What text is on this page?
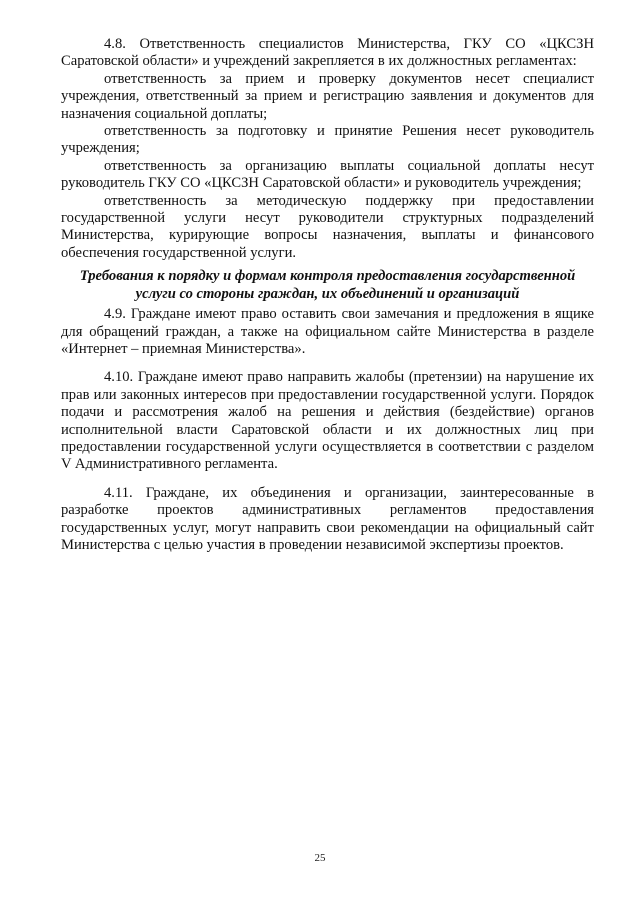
4.8. Ответственность специалистов Министерства, ГКУ СО «ЦКСЗН Саратовской области» и учреждений закрепляется в их должностных регламентах:

ответственность за прием и проверку документов несет специалист учреждения, ответственный за прием и регистрацию заявления и документов для назначения социальной доплаты;

ответственность за подготовку и принятие Решения несет руководитель учреждения;

ответственность за организацию выплаты социальной доплаты несут руководитель ГКУ СО «ЦКСЗН Саратовской области» и руководитель учреждения;

ответственность за методическую поддержку при предоставлении государственной услуги несут руководители структурных подразделений Министерства, курирующие вопросы назначения, выплаты и финансового обеспечения государственной услуги.

Требования к порядку и формам контроля предоставления государственной услуги со стороны граждан, их объединений и организаций

4.9. Граждане имеют право оставить свои замечания и предложения в ящике для обращений граждан, а также на официальном сайте Министерства в разделе «Интернет – приемная Министерства».

4.10. Граждане имеют право направить жалобы (претензии) на нарушение их прав или законных интересов при предоставлении государственной услуги. Порядок подачи и рассмотрения жалоб на решения и действия (бездействие) органов исполнительной власти Саратовской области и их должностных лиц при предоставлении государственной услуги осуществляется в соответствии с разделом V Административного регламента.

4.11. Граждане, их объединения и организации, заинтересованные в разработке проектов административных регламентов предоставления государственных услуг, могут направить свои рекомендации на официальный сайт Министерства с целью участия в проведении независимой экспертизы проектов.

25
